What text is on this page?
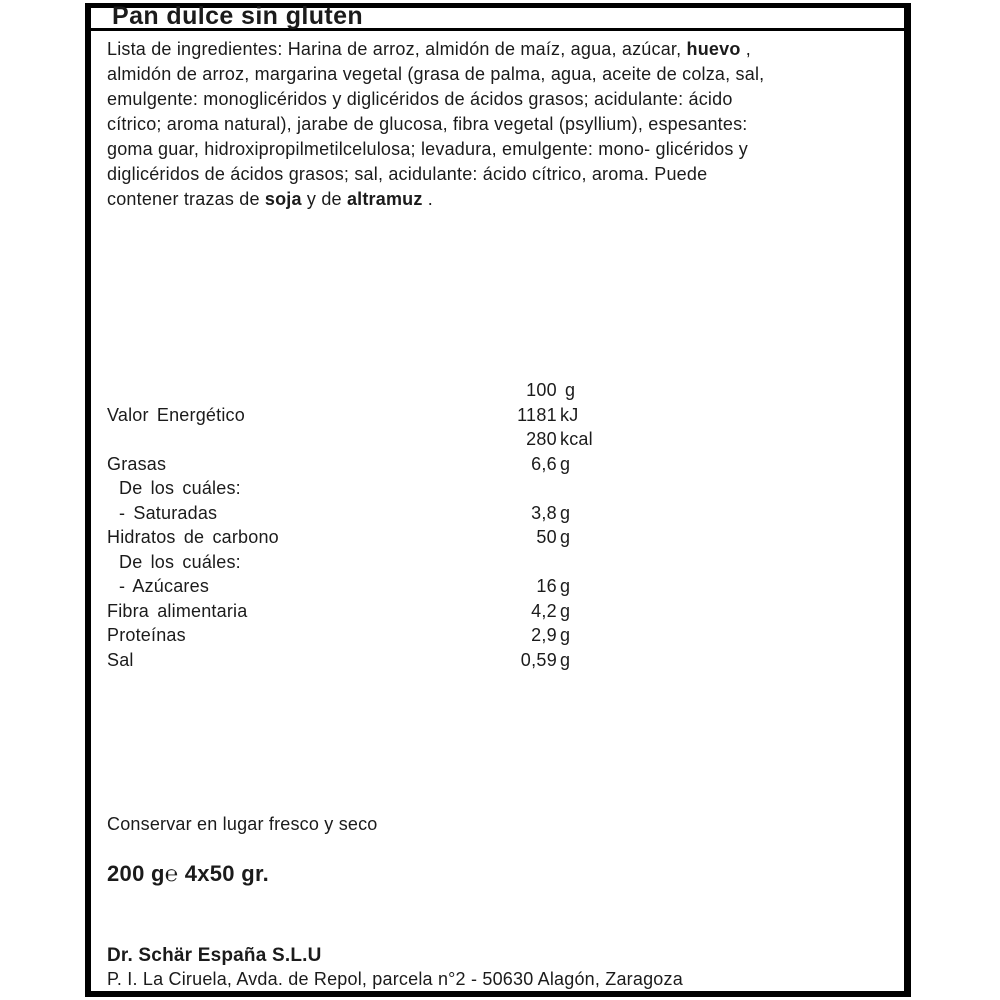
Pan dulce sin gluten
Lista de ingredientes: Harina de arroz, almidón de maíz, agua, azúcar, huevo ,
almidón de arroz, margarina vegetal (grasa de palma, agua, aceite de colza, sal,
emulgente: monoglicéridos y diglicéridos de ácidos grasos; acidulante: ácido
cítrico; aroma natural), jarabe de glucosa, fibra vegetal (psyllium), espesantes:
goma guar, hidroxipropilmetilcelulosa; levadura, emulgente: mono- glicéridos y
diglicéridos de ácidos grasos; sal, acidulante: ácido cítrico, aroma. Puede
contener trazas de soja y de altramuz .
100 g
Valor Energético	1181 kJ
280 kcal
Grasas	6,6 g
De los cuáles:
- Saturadas	3,8 g
Hidratos de carbono	50 g
De los cuáles:
- Azúcares	16 g
Fibra alimentaria	4,2 g
Proteínas	2,9 g
Sal	0,59 g
Conservar en lugar fresco y seco
200 g℮ 4x50 gr.
Dr. Schär España S.L.U
P. I. La Ciruela, Avda. de Repol, parcela n°2 - 50630 Alagón, Zaragoza
